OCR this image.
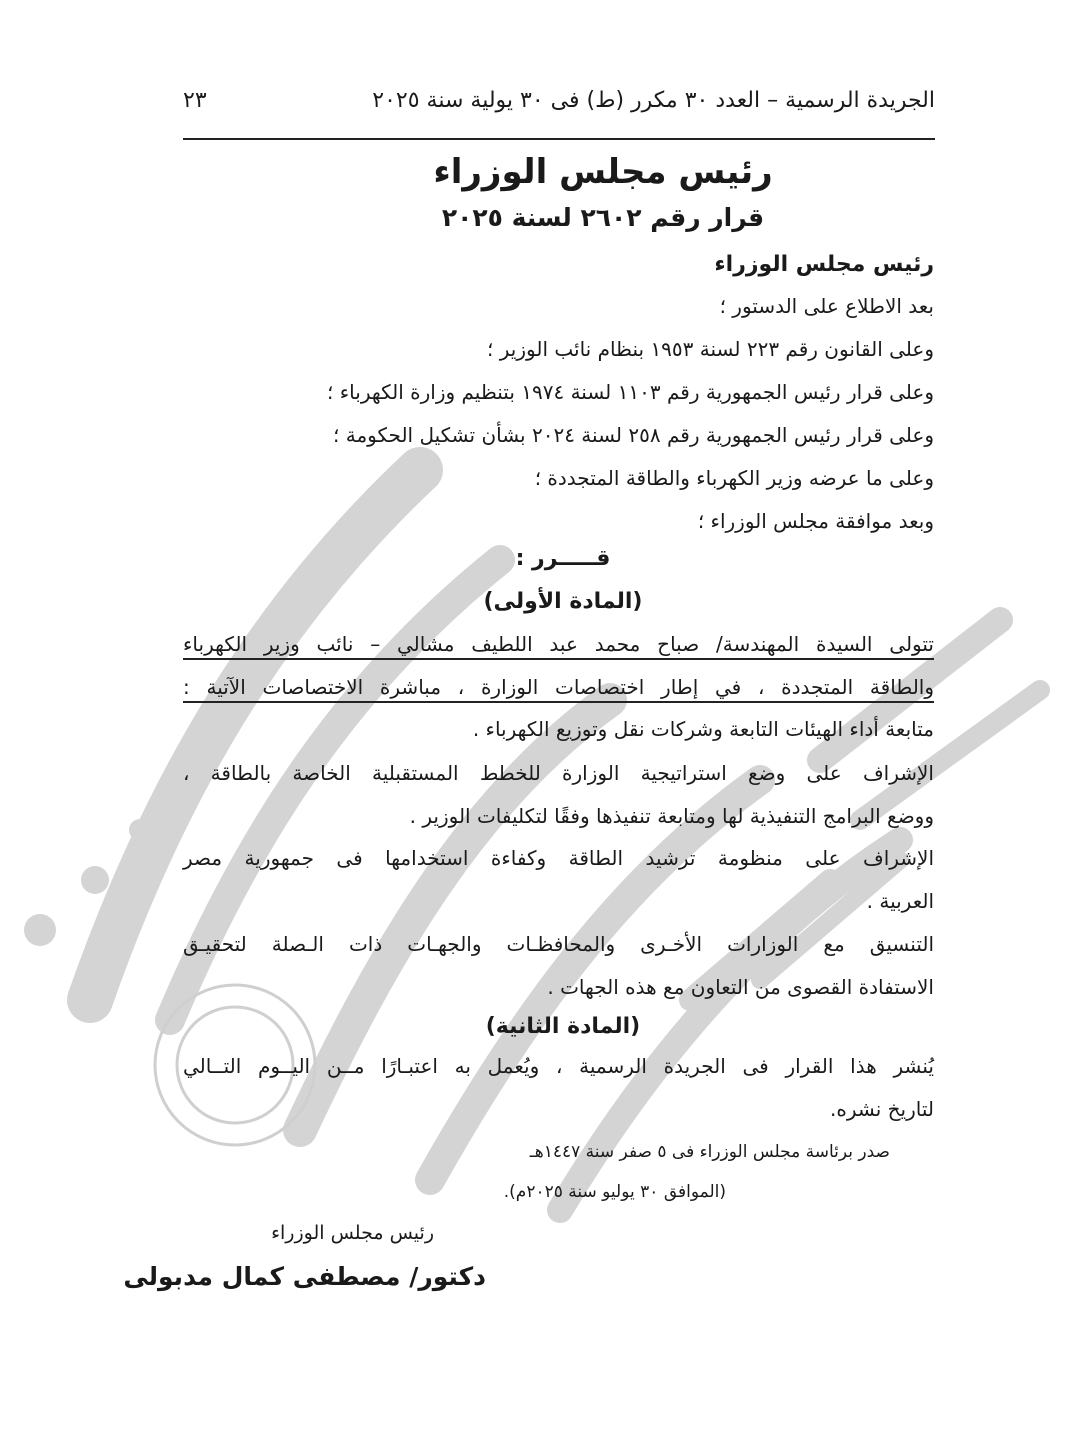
٢٣	الجريدة الرسمية – العدد ٣٠ مكرر (ط) فى ٣٠ يولية سنة ٢٠٢٥
رئيس مجلس الوزراء
قرار رقم ٢٦٠٢ لسنة ٢٠٢٥
رئيس مجلس الوزراء
بعد الاطلاع على الدستور ؛
وعلى القانون رقم ٢٢٣ لسنة ١٩٥٣ بنظام نائب الوزير ؛
وعلى قرار رئيس الجمهورية رقم ١١٠٣ لسنة ١٩٧٤ بتنظيم وزارة الكهرباء ؛
وعلى قرار رئيس الجمهورية رقم ٢٥٨ لسنة ٢٠٢٤ بشأن تشكيل الحكومة ؛
وعلى ما عرضه وزير الكهرباء والطاقة المتجددة ؛
وبعد موافقة مجلس الوزراء ؛
قـــــرر :
(المادة الأولى)
تتولى السيدة المهندسة/ صباح محمد عبد اللطيف مشالي – نائب وزير الكهرباء
والطاقة المتجددة ، في إطار اختصاصات الوزارة ، مباشرة الاختصاصات الآتية :
متابعة أداء الهيئات التابعة وشركات نقل وتوزيع الكهرباء .
الإشراف على وضع استراتيجية الوزارة للخطط المستقبلية الخاصة بالطاقة ،
ووضع البرامج التنفيذية لها ومتابعة تنفيذها وفقًا لتكليفات الوزير .
الإشراف على منظومة ترشيد الطاقة وكفاءة استخدامها فى جمهورية مصر
العربية .
التنسيق مع الوزارات الأخـرى والمحافظـات والجهـات ذات الـصلة لتحقيـق
الاستفادة القصوى من التعاون مع هذه الجهات .
(المادة الثانية)
يُنشر هذا القرار فى الجريدة الرسمية ، ويُعمل به اعتبـارًا مــن اليــوم التــالي
لتاريخ نشره.
صدر برئاسة مجلس الوزراء فى ٥ صفر سنة ١٤٤٧هـ
(الموافق ٣٠ يوليو سنة ٢٠٢٥م).
رئيس مجلس الوزراء
دكتور/ مصطفى كمال مدبولى
